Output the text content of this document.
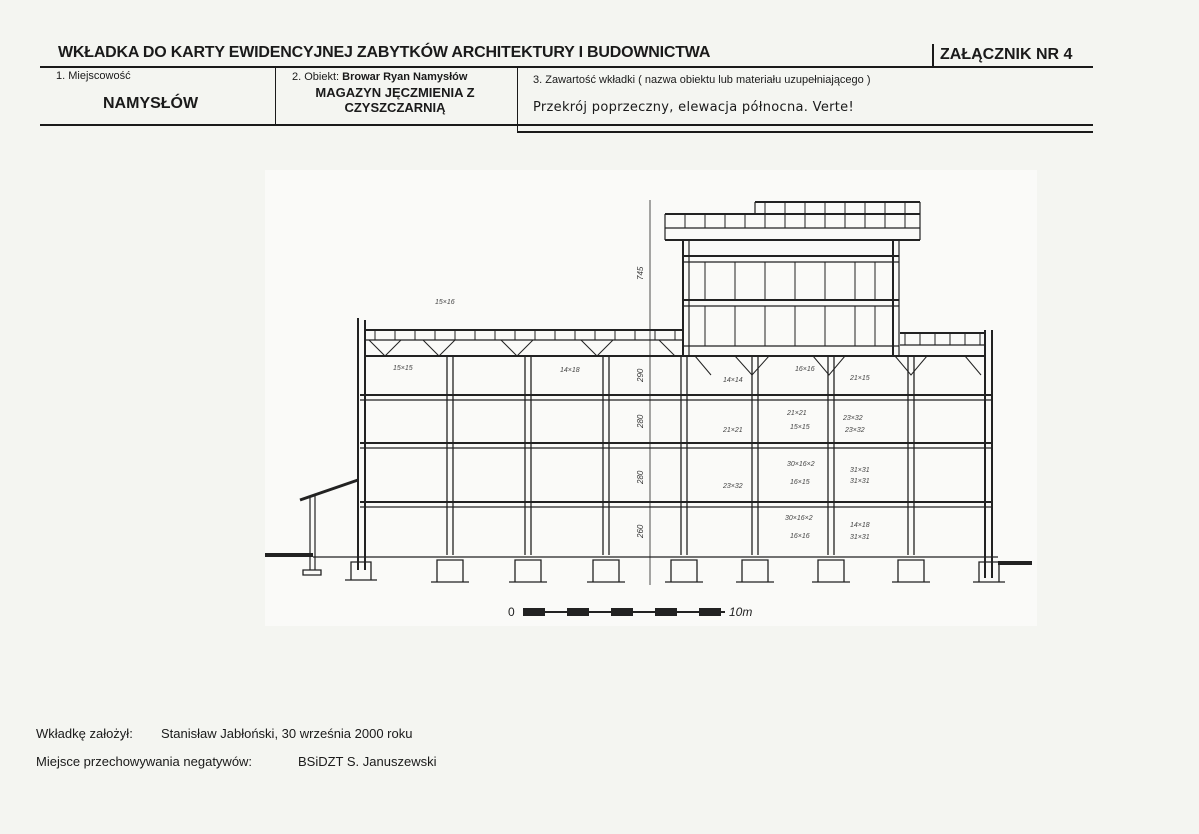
WKŁADKA DO KARTY EWIDENCYJNEJ ZABYTKÓW ARCHITEKTURY I BUDOWNICTWA	ZAŁĄCZNIK NR 4
1. Miejscowość
NAMYSŁÓW
2. Obiekt: Browar Ryan Namysłów
MAGAZYN JĘCZMIENIA Z
CZYSZCZARNIĄ
3. Zawartość wkładki ( nazwa obiektu lub materiału uzupełniającego )
Przekrój poprzeczny, elewacja północna. Verte!
0	10m
745
290
280
280
260
15×16
15×15	14×18
14×14
16×16
21×15
21×21
23×32
15×15	23×32
21×21
30×16×2
31×31
16×15	31×31
23×32
30×16×2
16×16
14×18
31×31
Wkładkę założył: Stanisław Jabłoński, 30 września 2000 roku
Miejsce przechowywania negatywów:	BSiDZT S. Januszewski
